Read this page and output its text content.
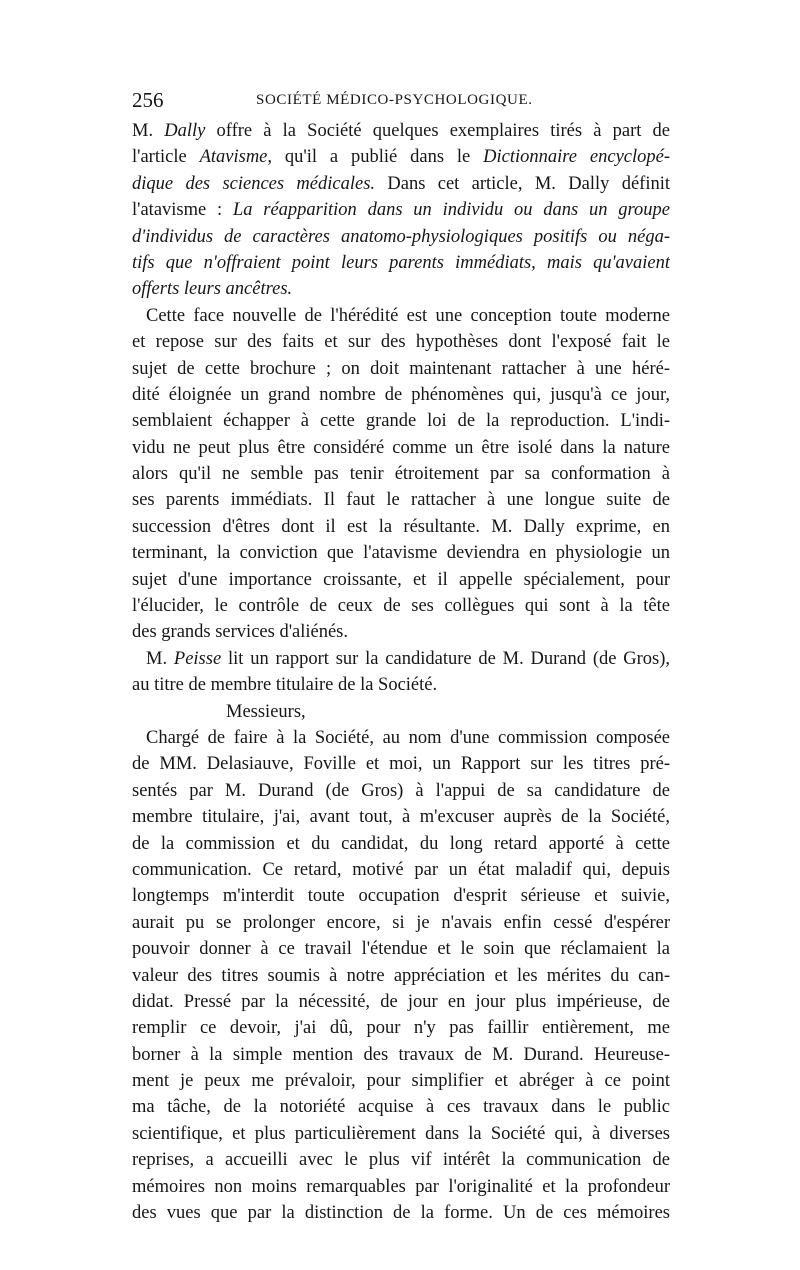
256	SOCIÉTÉ MÉDICO-PSYCHOLOGIQUE.
M. Dally offre à la Société quelques exemplaires tirés à part de
l'article Atavisme, qu'il a publié dans le Dictionnaire encyclopé-
dique des sciences médicales. Dans cet article, M. Dally définit
l'atavisme : La réapparition dans un individu ou dans un groupe
d'individus de caractères anatomo-physiologiques positifs ou néga-
tifs que n'offraient point leurs parents immédiats, mais qu'avaient
offerts leurs ancêtres.
Cette face nouvelle de l'hérédité est une conception toute moderne
et repose sur des faits et sur des hypothèses dont l'exposé fait le
sujet de cette brochure ; on doit maintenant rattacher à une héré-
dité éloignée un grand nombre de phénomènes qui, jusqu'à ce jour,
semblaient échapper à cette grande loi de la reproduction. L'indi-
vidu ne peut plus être considéré comme un être isolé dans la nature
alors qu'il ne semble pas tenir étroitement par sa conformation à
ses parents immédiats. Il faut le rattacher à une longue suite de
succession d'êtres dont il est la résultante. M. Dally exprime, en
terminant, la conviction que l'atavisme deviendra en physiologie un
sujet d'une importance croissante, et il appelle spécialement, pour
l'élucider, le contrôle de ceux de ses collègues qui sont à la tête
des grands services d'aliénés.
M. Peisse lit un rapport sur la candidature de M. Durand (de Gros),
au titre de membre titulaire de la Société.
Messieurs,
Chargé de faire à la Société, au nom d'une commission composée
de MM. Delasiauve, Foville et moi, un Rapport sur les titres pré-
sentés par M. Durand (de Gros) à l'appui de sa candidature de
membre titulaire, j'ai, avant tout, à m'excuser auprès de la Société,
de la commission et du candidat, du long retard apporté à cette
communication. Ce retard, motivé par un état maladif qui, depuis
longtemps m'interdit toute occupation d'esprit sérieuse et suivie,
aurait pu se prolonger encore, si je n'avais enfin cessé d'espérer
pouvoir donner à ce travail l'étendue et le soin que réclamaient la
valeur des titres soumis à notre appréciation et les mérites du can-
didat. Pressé par la nécessité, de jour en jour plus impérieuse, de
remplir ce devoir, j'ai dû, pour n'y pas faillir entièrement, me
borner à la simple mention des travaux de M. Durand. Heureuse-
ment je peux me prévaloir, pour simplifier et abréger à ce point
ma tâche, de la notoriété acquise à ces travaux dans le public
scientifique, et plus particulièrement dans la Société qui, à diverses
reprises, a accueilli avec le plus vif intérêt la communication de
mémoires non moins remarquables par l'originalité et la profondeur
des vues que par la distinction de la forme. Un de ces mémoires
